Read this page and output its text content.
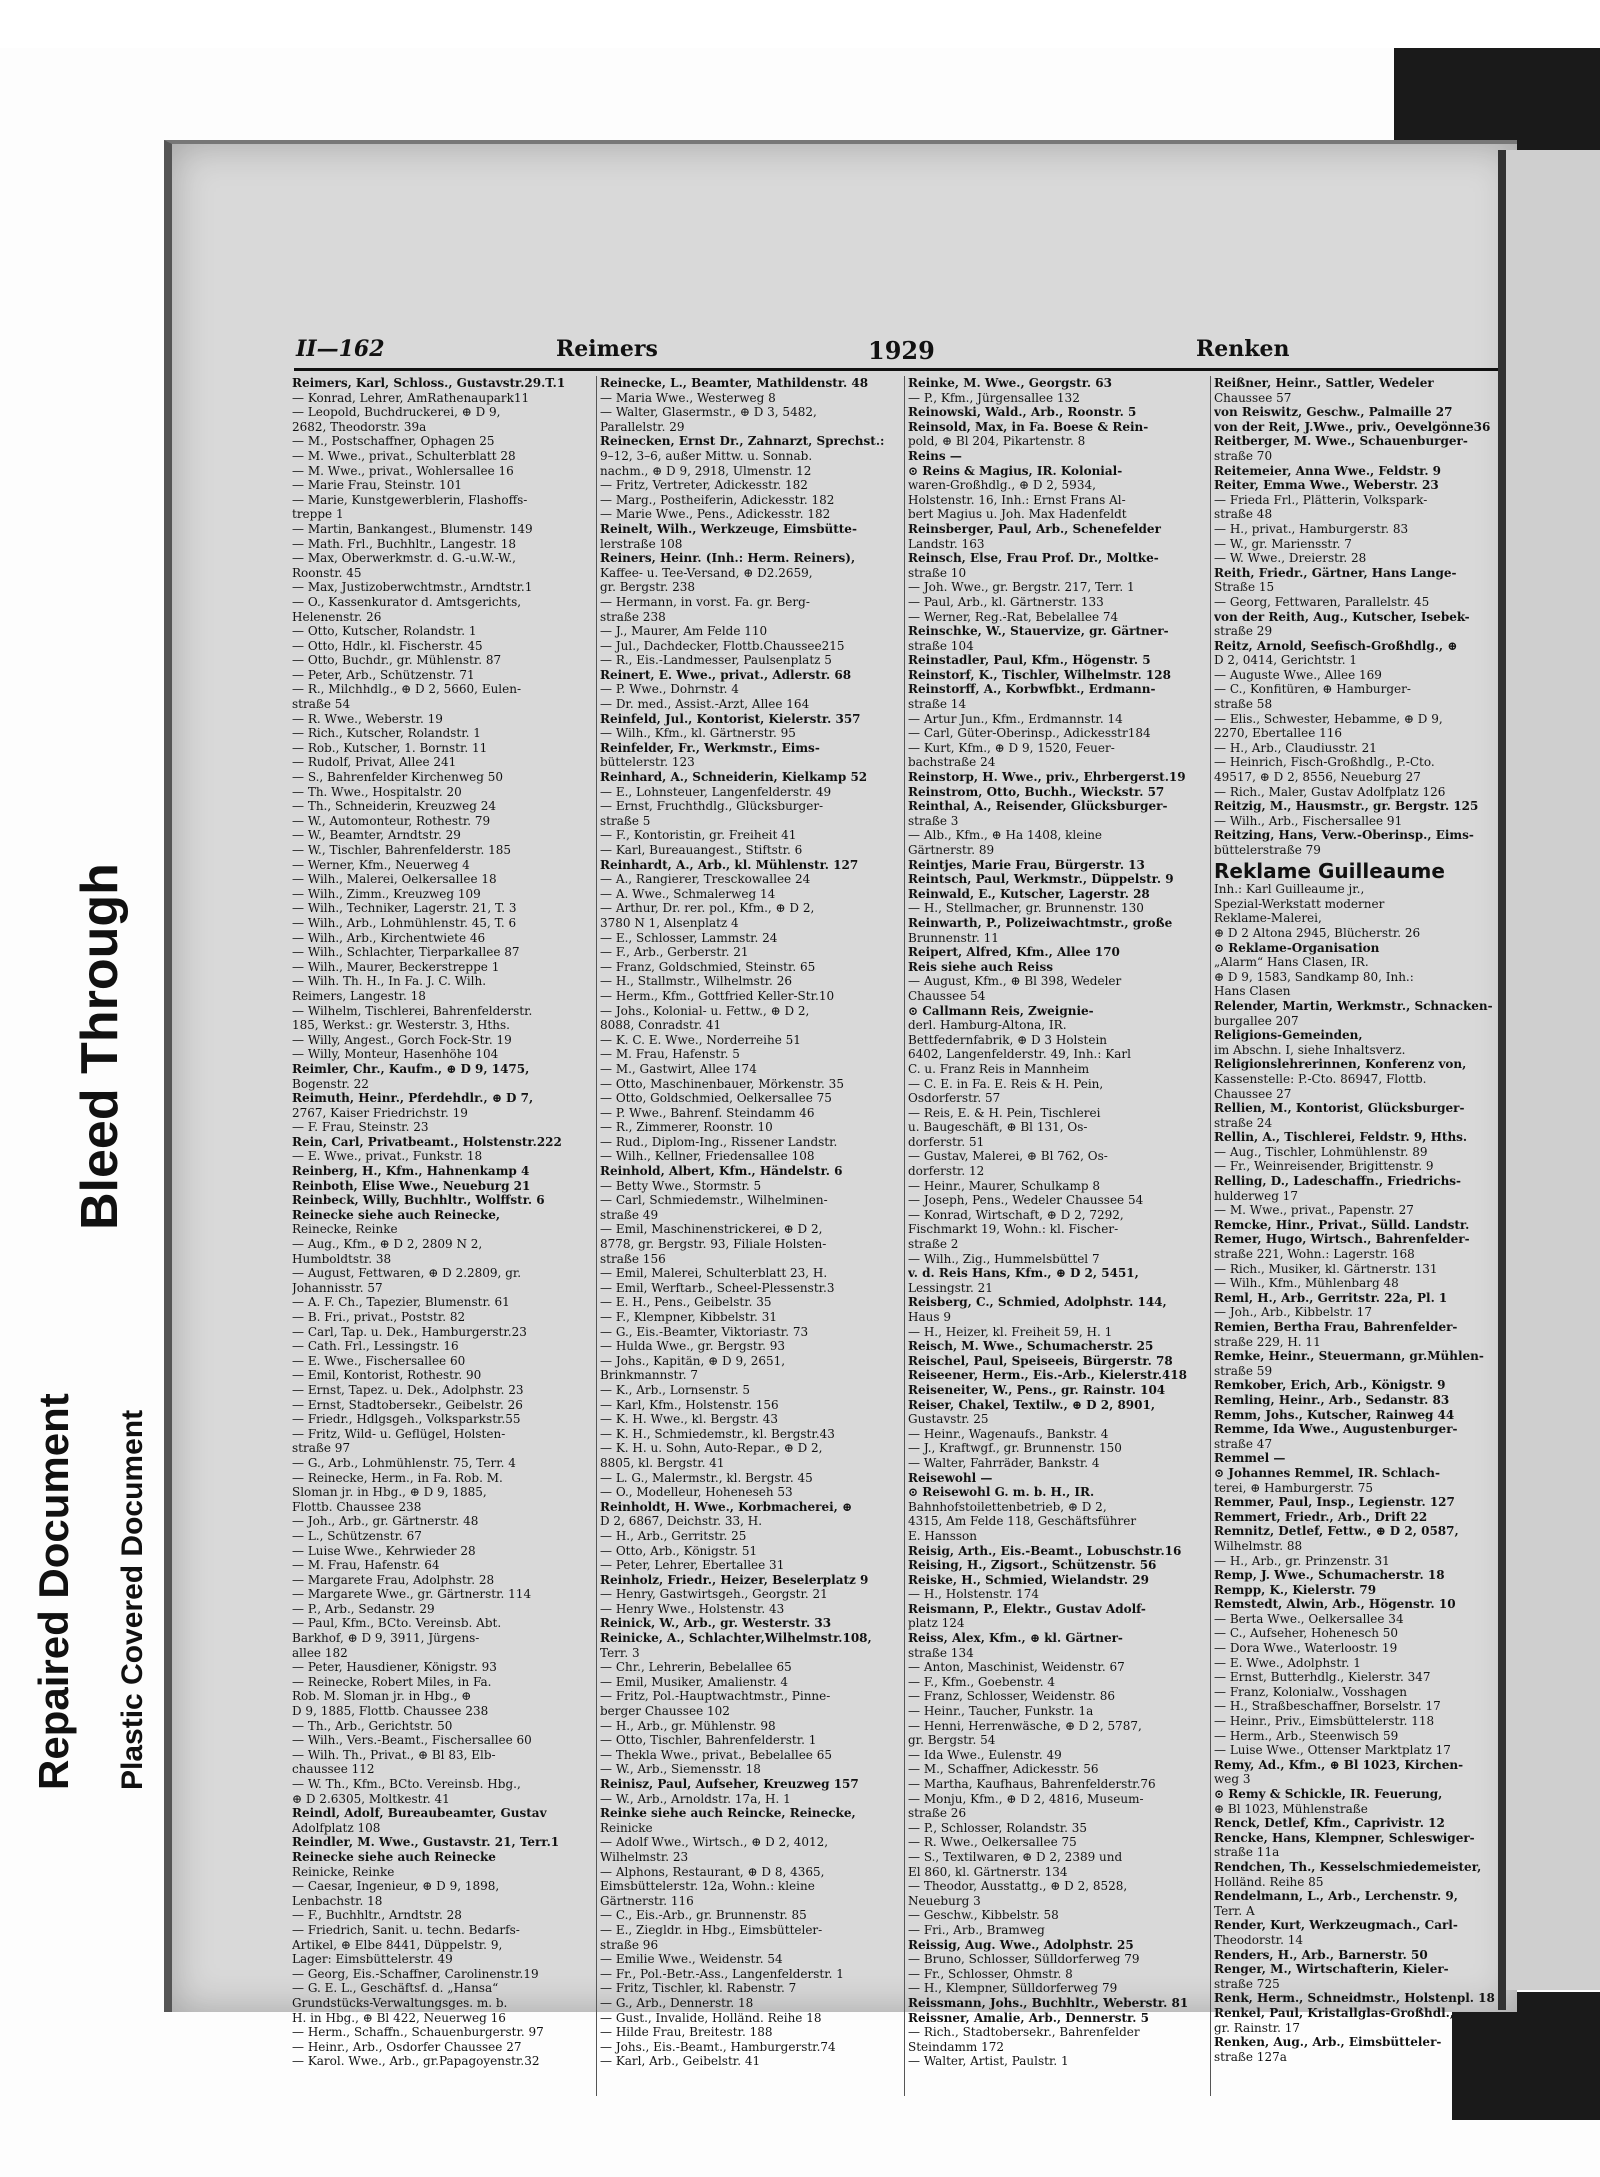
Bleed Through
Repaired Document Plastic Covered Document
II—162	Reimers	1929	Renken
Reimers, Karl, Schloss., Gustavstr.29.T.1
— Konrad, Lehrer, AmRathenaupark11
— Leopold, Buchdruckerei, ⊕ D 9,
2682, Theodorstr. 39a
— M., Postschaffner, Ophagen 25
— M. Wwe., privat., Schulterblatt 28
— M. Wwe., privat., Wohlersallee 16
— Marie Frau, Steinstr. 101
— Marie, Kunstgewerblerin, Flashoffs-
treppe 1
— Martin, Bankangest., Blumenstr. 149
— Math. Frl., Buchhltr., Langestr. 18
— Max, Oberwerkmstr. d. G.-u.W.-W.,
Roonstr. 45
— Max, Justizoberwchtmstr., Arndtstr.1
— O., Kassenkurator d. Amtsgerichts,
Helenenstr. 26
— Otto, Kutscher, Rolandstr. 1
— Otto, Hdlr., kl. Fischerstr. 45
— Otto, Buchdr., gr. Mühlenstr. 87
— Peter, Arb., Schützenstr. 71
— R., Milchhdlg., ⊕ D 2, 5660, Eulen-
straße 54
— R. Wwe., Weberstr. 19
— Rich., Kutscher, Rolandstr. 1
— Rob., Kutscher, 1. Bornstr. 11
— Rudolf, Privat, Allee 241
— S., Bahrenfelder Kirchenweg 50
— Th. Wwe., Hospitalstr. 20
— Th., Schneiderin, Kreuzweg 24
— W., Automonteur, Rothestr. 79
— W., Beamter, Arndtstr. 29
— W., Tischler, Bahrenfelderstr. 185
— Werner, Kfm., Neuerweg 4
— Wilh., Malerei, Oelkersallee 18
— Wilh., Zimm., Kreuzweg 109
— Wilh., Techniker, Lagerstr. 21, T. 3
— Wilh., Arb., Lohmühlenstr. 45, T. 6
— Wilh., Arb., Kirchentwiete 46
— Wilh., Schlachter, Tierparkallee 87
— Wilh., Maurer, Beckerstreppe 1
— Wilh. Th. H., In Fa. J. C. Wilh.
Reimers, Langestr. 18
— Wilhelm, Tischlerei, Bahrenfelderstr.
185, Werkst.: gr. Westerstr. 3, Hths.
— Willy, Angest., Gorch Fock-Str. 19
— Willy, Monteur, Hasenhöhe 104
Reimler, Chr., Kaufm., ⊕ D 9, 1475,
Bogenstr. 22
Reimuth, Heinr., Pferdehdlr., ⊕ D 7,
2767, Kaiser Friedrichstr. 19
— F. Frau, Steinstr. 23
Rein, Carl, Privatbeamt., Holstenstr.222
— E. Wwe., privat., Funkstr. 18
Reinberg, H., Kfm., Hahnenkamp 4
Reinboth, Elise Wwe., Neueburg 21
Reinbeck, Willy, Buchhltr., Wolffstr. 6
Reinecke siehe auch Reinecke,
Reinecke, Reinke
— Aug., Kfm., ⊕ D 2, 2809 N 2,
Humboldtstr. 38
— August, Fettwaren, ⊕ D 2.2809, gr.
Johannisstr. 57
— A. F. Ch., Tapezier, Blumenstr. 61
— B. Fri., privat., Poststr. 82
— Carl, Tap. u. Dek., Hamburgerstr.23
— Cath. Frl., Lessingstr. 16
— E. Wwe., Fischersallee 60
— Emil, Kontorist, Rothestr. 90
— Ernst, Tapez. u. Dek., Adolphstr. 23
— Ernst, Stadtobersekr., Geibelstr. 26
— Friedr., Hdlgsgeh., Volksparkstr.55
— Fritz, Wild- u. Geflügel, Holsten-
straße 97
— G., Arb., Lohmühlenstr. 75, Terr. 4
— Reinecke, Herm., in Fa. Rob. M.
Sloman jr. in Hbg., ⊕ D 9, 1885,
Flottb. Chaussee 238
— Joh., Arb., gr. Gärtnerstr. 48
— L., Schützenstr. 67
— Luise Wwe., Kehrwieder 28
— M. Frau, Hafenstr. 64
— Margarete Frau, Adolphstr. 28
— Margarete Wwe., gr. Gärtnerstr. 114
— P., Arb., Sedanstr. 29
— Paul, Kfm., BCto. Vereinsb. Abt.
Barkhof, ⊕ D 9, 3911, Jürgens-
allee 182
— Peter, Hausdiener, Königstr. 93
— Reinecke, Robert Miles, in Fa.
Rob. M. Sloman jr. in Hbg., ⊕
D 9, 1885, Flottb. Chaussee 238
— Th., Arb., Gerichtstr. 50
— Wilh., Vers.-Beamt., Fischersallee 60
— Wilh. Th., Privat., ⊕ Bl 83, Elb-
chaussee 112
— W. Th., Kfm., BCto. Vereinsb. Hbg.,
⊕ D 2.6305, Moltkestr. 41
Reindl, Adolf, Bureaubeamter, Gustav
Adolfplatz 108
Reindler, M. Wwe., Gustavstr. 21, Terr.1
Reinecke siehe auch Reinecke
Reinicke, Reinke
— Caesar, Ingenieur, ⊕ D 9, 1898,
Lenbachstr. 18
— F., Buchhltr., Arndtstr. 28
— Friedrich, Sanit. u. techn. Bedarfs-
Artikel, ⊕ Elbe 8441, Düppelstr. 9,
Lager: Eimsbüttelerstr. 49
— Georg, Eis.-Schaffner, Carolinenstr.19
— G. E. L., Geschäftsf. d. „Hansa“
Grundstücks-Verwaltungsges. m. b.
H. in Hbg., ⊕ Bl 422, Neuerweg 16
— Herm., Schaffn., Schauenburgerstr. 97
— Heinr., Arb., Osdorfer Chaussee 27
— Karol. Wwe., Arb., gr.Papagoyenstr.32
Reinecke, L., Beamter, Mathildenstr. 48
— Maria Wwe., Westerweg 8
— Walter, Glasermstr., ⊕ D 3, 5482,
Parallelstr. 29
Reinecken, Ernst Dr., Zahnarzt, Sprechst.:
9–12, 3–6, außer Mittw. u. Sonnab.
nachm., ⊕ D 9, 2918, Ulmenstr. 12
— Fritz, Vertreter, Adickesstr. 182
— Marg., Postheiferin, Adickesstr. 182
— Marie Wwe., Pens., Adickesstr. 182
Reinelt, Wilh., Werkzeuge, Eimsbütte-
lerstraße 108
Reiners, Heinr. (Inh.: Herm. Reiners),
Kaffee- u. Tee-Versand, ⊕ D2.2659,
gr. Bergstr. 238
— Hermann, in vorst. Fa. gr. Berg-
straße 238
— J., Maurer, Am Felde 110
— Jul., Dachdecker, Flottb.Chaussee215
— R., Eis.-Landmesser, Paulsenplatz 5
Reinert, E. Wwe., privat., Adlerstr. 68
— P. Wwe., Dohrnstr. 4
— Dr. med., Assist.-Arzt, Allee 164
Reinfeld, Jul., Kontorist, Kielerstr. 357
— Wilh., Kfm., kl. Gärtnerstr. 95
Reinfelder, Fr., Werkmstr., Eims-
büttelerstr. 123
Reinhard, A., Schneiderin, Kielkamp 52
— E., Lohnsteuer, Langenfelderstr. 49
— Ernst, Fruchthdlg., Glücksburger-
straße 5
— F., Kontoristin, gr. Freiheit 41
— Karl, Bureauangest., Stiftstr. 6
Reinhardt, A., Arb., kl. Mühlenstr. 127
— A., Rangierer, Tresckowallee 24
— A. Wwe., Schmalerweg 14
— Arthur, Dr. rer. pol., Kfm., ⊕ D 2,
3780 N 1, Alsenplatz 4
— E., Schlosser, Lammstr. 24
— F., Arb., Gerberstr. 21
— Franz, Goldschmied, Steinstr. 65
— H., Stallmstr., Wilhelmstr. 26
— Herm., Kfm., Gottfried Keller-Str.10
— Johs., Kolonial- u. Fettw., ⊕ D 2,
8088, Conradstr. 41
— K. C. E. Wwe., Norderreihe 51
— M. Frau, Hafenstr. 5
— M., Gastwirt, Allee 174
— Otto, Maschinenbauer, Mörkenstr. 35
— Otto, Goldschmied, Oelkersallee 75
— P. Wwe., Bahrenf. Steindamm 46
— R., Zimmerer, Roonstr. 10
— Rud., Diplom-Ing., Rissener Landstr.
— Wilh., Kellner, Friedensallee 108
Reinhold, Albert, Kfm., Händelstr. 6
— Betty Wwe., Stormstr. 5
— Carl, Schmiedemstr., Wilhelminen-
straße 49
— Emil, Maschinenstrickerei, ⊕ D 2,
8778, gr. Bergstr. 93, Filiale Holsten-
straße 156
— Emil, Malerei, Schulterblatt 23, H.
— Emil, Werftarb., Scheel-Plessenstr.3
— E. H., Pens., Geibelstr. 35
— F., Klempner, Kibbelstr. 31
— G., Eis.-Beamter, Viktoriastr. 73
— Hulda Wwe., gr. Bergstr. 93
— Johs., Kapitän, ⊕ D 9, 2651,
Brinkmannstr. 7
— K., Arb., Lornsenstr. 5
— Karl, Kfm., Holstenstr. 156
— K. H. Wwe., kl. Bergstr. 43
— K. H., Schmiedemstr., kl. Bergstr.43
— K. H. u. Sohn, Auto-Repar., ⊕ D 2,
8805, kl. Bergstr. 41
— L. G., Malermstr., kl. Bergstr. 45
— O., Modelleur, Hoheneseh 53
Reinholdt, H. Wwe., Korbmacherei, ⊕
D 2, 6867, Deichstr. 33, H.
— H., Arb., Gerritstr. 25
— Otto, Arb., Königstr. 51
— Peter, Lehrer, Ebertallee 31
Reinholz, Friedr., Heizer, Beselerplatz 9
— Henry, Gastwirtsgeh., Georgstr. 21
— Henry Wwe., Holstenstr. 43
Reinick, W., Arb., gr. Westerstr. 33
Reinicke, A., Schlachter,Wilhelmstr.108,
Terr. 3
— Chr., Lehrerin, Bebelallee 65
— Emil, Musiker, Amalienstr. 4
— Fritz, Pol.-Hauptwachtmstr., Pinne-
berger Chaussee 102
— H., Arb., gr. Mühlenstr. 98
— Otto, Tischler, Bahrenfelderstr. 1
— Thekla Wwe., privat., Bebelallee 65
— W., Arb., Siemensstr. 18
Reinisz, Paul, Aufseher, Kreuzweg 157
— W., Arb., Arnoldstr. 17a, H. 1
Reinke siehe auch Reincke, Reinecke,
Reinicke
— Adolf Wwe., Wirtsch., ⊕ D 2, 4012,
Wilhelmstr. 23
— Alphons, Restaurant, ⊕ D 8, 4365,
Eimsbüttelerstr. 12a, Wohn.: kleine
Gärtnerstr. 116
— C., Eis.-Arb., gr. Brunnenstr. 85
— E., Ziegldr. in Hbg., Eimsbütteler-
straße 96
— Emilie Wwe., Weidenstr. 54
— Fr., Pol.-Betr.-Ass., Langenfelderstr. 1
— Fritz, Tischler, kl. Rabenstr. 7
— G., Arb., Dennerstr. 18
— Gust., Invalide, Holländ. Reihe 18
— Hilde Frau, Breitestr. 188
— Johs., Eis.-Beamt., Hamburgerstr.74
— Karl, Arb., Geibelstr. 41
Reinke, M. Wwe., Georgstr. 63
— P., Kfm., Jürgensallee 132
Reinowski, Wald., Arb., Roonstr. 5
Reinsold, Max, in Fa. Boese & Rein-
pold, ⊕ Bl 204, Pikartenstr. 8
Reins —
⊙ Reins & Magius, IR. Kolonial-
waren-Großhdlg., ⊕ D 2, 5934,
Holstenstr. 16, Inh.: Ernst Frans Al-
bert Magius u. Joh. Max Hadenfeldt
Reinsberger, Paul, Arb., Schenefelder
Landstr. 163
Reinsch, Else, Frau Prof. Dr., Moltke-
straße 10
— Joh. Wwe., gr. Bergstr. 217, Terr. 1
— Paul, Arb., kl. Gärtnerstr. 133
— Werner, Reg.-Rat, Bebelallee 74
Reinschke, W., Stauervize, gr. Gärtner-
straße 104
Reinstadler, Paul, Kfm., Högenstr. 5
Reinstorf, K., Tischler, Wilhelmstr. 128
Reinstorff, A., Korbwfbkt., Erdmann-
straße 14
— Artur Jun., Kfm., Erdmannstr. 14
— Carl, Güter-Oberinsp., Adickesstr184
— Kurt, Kfm., ⊕ D 9, 1520, Feuer-
bachstraße 24
Reinstorp, H. Wwe., priv., Ehrbergerst.19
Reinstrom, Otto, Buchh., Wieckstr. 57
Reinthal, A., Reisender, Glücksburger-
straße 3
— Alb., Kfm., ⊕ Ha 1408, kleine
Gärtnerstr. 89
Reintjes, Marie Frau, Bürgerstr. 13
Reintsch, Paul, Werkmstr., Düppelstr. 9
Reinwald, E., Kutscher, Lagerstr. 28
— H., Stellmacher, gr. Brunnenstr. 130
Reinwarth, P., Polizeiwachtmstr., große
Brunnenstr. 11
Reipert, Alfred, Kfm., Allee 170
Reis siehe auch Reiss
— August, Kfm., ⊕ Bl 398, Wedeler
Chaussee 54
⊙ Callmann Reis, Zweignie-
derl. Hamburg-Altona, IR.
Bettfedernfabrik, ⊕ D 3 Holstein
6402, Langenfelderstr. 49, Inh.: Karl
C. u. Franz Reis in Mannheim
— C. E. in Fa. E. Reis & H. Pein,
Osdorferstr. 57
— Reis, E. & H. Pein, Tischlerei
u. Baugeschäft, ⊕ Bl 131, Os-
dorferstr. 51
— Gustav, Malerei, ⊕ Bl 762, Os-
dorferstr. 12
— Heinr., Maurer, Schulkamp 8
— Joseph, Pens., Wedeler Chaussee 54
— Konrad, Wirtschaft, ⊕ D 2, 7292,
Fischmarkt 19, Wohn.: kl. Fischer-
straße 2
— Wilh., Zig., Hummelsbüttel 7
v. d. Reis Hans, Kfm., ⊕ D 2, 5451,
Lessingstr. 21
Reisberg, C., Schmied, Adolphstr. 144,
Haus 9
— H., Heizer, kl. Freiheit 59, H. 1
Reisch, M. Wwe., Schumacherstr. 25
Reischel, Paul, Speiseeis, Bürgerstr. 78
Reiseener, Herm., Eis.-Arb., Kielerstr.418
Reiseneiter, W., Pens., gr. Rainstr. 104
Reiser, Chakel, Textilw., ⊕ D 2, 8901,
Gustavstr. 25
— Heinr., Wagenaufs., Bankstr. 4
— J., Kraftwgf., gr. Brunnenstr. 150
— Walter, Fahrräder, Bankstr. 4
Reisewohl —
⊙ Reisewohl G. m. b. H., IR.
Bahnhofstoilettenbetrieb, ⊕ D 2,
4315, Am Felde 118, Geschäftsführer
E. Hansson
Reisig, Arth., Eis.-Beamt., Lobuschstr.16
Reising, H., Zigsort., Schützenstr. 56
Reiske, H., Schmied, Wielandstr. 29
— H., Holstenstr. 174
Reismann, P., Elektr., Gustav Adolf-
platz 124
Reiss, Alex, Kfm., ⊕ kl. Gärtner-
straße 134
— Anton, Maschinist, Weidenstr. 67
— F., Kfm., Goebenstr. 4
— Franz, Schlosser, Weidenstr. 86
— Heinr., Taucher, Funkstr. 1a
— Henni, Herrenwäsche, ⊕ D 2, 5787,
gr. Bergstr. 54
— Ida Wwe., Eulenstr. 49
— M., Schaffner, Adickesstr. 56
— Martha, Kaufhaus, Bahrenfelderstr.76
— Monju, Kfm., ⊕ D 2, 4816, Museum-
straße 26
— P., Schlosser, Rolandstr. 35
— R. Wwe., Oelkersallee 75
— S., Textilwaren, ⊕ D 2, 2389 und
El 860, kl. Gärtnerstr. 134
— Theodor, Ausstattg., ⊕ D 2, 8528,
Neueburg 3
— Geschw., Kibbelstr. 58
— Fri., Arb., Bramweg
Reissig, Aug. Wwe., Adolphstr. 25
— Bruno, Schlosser, Sülldorferweg 79
— Fr., Schlosser, Ohmstr. 8
— H., Klempner, Sülldorferweg 79
Reissmann, Johs., Buchhltr., Weberstr. 81
Reissner, Amalie, Arb., Dennerstr. 5
— Rich., Stadtobersekr., Bahrenfelder
Steindamm 172
— Walter, Artist, Paulstr. 1
Reißner, Heinr., Sattler, Wedeler
Chaussee 57
von Reiswitz, Geschw., Palmaille 27
von der Reit, J.Wwe., priv., Oevelgönne36
Reitberger, M. Wwe., Schauenburger-
straße 70
Reitemeier, Anna Wwe., Feldstr. 9
Reiter, Emma Wwe., Weberstr. 23
— Frieda Frl., Plätterin, Volkspark-
straße 48
— H., privat., Hamburgerstr. 83
— W., gr. Mariensstr. 7
— W. Wwe., Dreierstr. 28
Reith, Friedr., Gärtner, Hans Lange-
Straße 15
— Georg, Fettwaren, Parallelstr. 45
von der Reith, Aug., Kutscher, Isebek-
straße 29
Reitz, Arnold, Seefisch-Großhdlg., ⊕
D 2, 0414, Gerichtstr. 1
— Auguste Wwe., Allee 169
— C., Konfitüren, ⊕ Hamburger-
straße 58
— Elis., Schwester, Hebamme, ⊕ D 9,
2270, Ebertallee 116
— H., Arb., Claudiusstr. 21
— Heinrich, Fisch-Großhdlg., P.-Cto.
49517, ⊕ D 2, 8556, Neueburg 27
— Rich., Maler, Gustav Adolfplatz 126
Reitzig, M., Hausmstr., gr. Bergstr. 125
— Wilh., Arb., Fischersallee 91
Reitzing, Hans, Verw.-Oberinsp., Eims-
büttelerstraße 79
Reklame Guilleaume
Inh.: Karl Guilleaume jr.,
Spezial-Werkstatt moderner
Reklame-Malerei,
⊕ D 2 Altona 2945, Blücherstr. 26
⊙ Reklame-Organisation
„Alarm“ Hans Clasen, IR.
⊕ D 9, 1583, Sandkamp 80, Inh.:
Hans Clasen
Relender, Martin, Werkmstr., Schnacken-
burgallee 207
Religions-Gemeinden,
im Abschn. I, siehe Inhaltsverz.
Religionslehrerinnen, Konferenz von,
Kassenstelle: P.-Cto. 86947, Flottb.
Chaussee 27
Rellien, M., Kontorist, Glücksburger-
straße 24
Rellin, A., Tischlerei, Feldstr. 9, Hths.
— Aug., Tischler, Lohmühlenstr. 89
— Fr., Weinreisender, Brigittenstr. 9
Relling, D., Ladeschaffn., Friedrichs-
hulderweg 17
— M. Wwe., privat., Papenstr. 27
Remcke, Hinr., Privat., Sülld. Landstr.
Remer, Hugo, Wirtsch., Bahrenfelder-
straße 221, Wohn.: Lagerstr. 168
— Rich., Musiker, kl. Gärtnerstr. 131
— Wilh., Kfm., Mühlenbarg 48
Reml, H., Arb., Gerritstr. 22a, Pl. 1
— Joh., Arb., Kibbelstr. 17
Remien, Bertha Frau, Bahrenfelder-
straße 229, H. 11
Remke, Heinr., Steuermann, gr.Mühlen-
straße 59
Remkober, Erich, Arb., Königstr. 9
Remling, Heinr., Arb., Sedanstr. 83
Remm, Johs., Kutscher, Rainweg 44
Remme, Ida Wwe., Augustenburger-
straße 47
Remmel —
⊙ Johannes Remmel, IR. Schlach-
terei, ⊕ Hamburgerstr. 75
Remmer, Paul, Insp., Legienstr. 127
Remmert, Friedr., Arb., Drift 22
Remnitz, Detlef, Fettw., ⊕ D 2, 0587,
Wilhelmstr. 88
— H., Arb., gr. Prinzenstr. 31
Remp, J. Wwe., Schumacherstr. 18
Rempp, K., Kielerstr. 79
Remstedt, Alwin, Arb., Högenstr. 10
— Berta Wwe., Oelkersallee 34
— C., Aufseher, Hohenesch 50
— Dora Wwe., Waterloostr. 19
— E. Wwe., Adolphstr. 1
— Ernst, Butterhdlg., Kielerstr. 347
— Franz, Kolonialw., Vosshagen
— H., Straßbeschaffner, Borselstr. 17
— Heinr., Priv., Eimsbüttelerstr. 118
— Herm., Arb., Steenwisch 59
— Luise Wwe., Ottenser Marktplatz 17
Remy, Ad., Kfm., ⊕ Bl 1023, Kirchen-
weg 3
⊙ Remy & Schickle, IR. Feuerung,
⊕ Bl 1023, Mühlenstraße
Renck, Detlef, Kfm., Caprivistr. 12
Rencke, Hans, Klempner, Schleswiger-
straße 11a
Rendchen, Th., Kesselschmiedemeister,
Holländ. Reihe 85
Rendelmann, L., Arb., Lerchenstr. 9,
Terr. A
Render, Kurt, Werkzeugmach., Carl-
Theodorstr. 14
Renders, H., Arb., Barnerstr. 50
Renger, M., Wirtschafterin, Kieler-
straße 725
Renk, Herm., Schneidmstr., Holstenpl. 18
Renkel, Paul, Kristallglas-Großhdl.,
gr. Rainstr. 17
Renken, Aug., Arb., Eimsbütteler-
straße 127a
